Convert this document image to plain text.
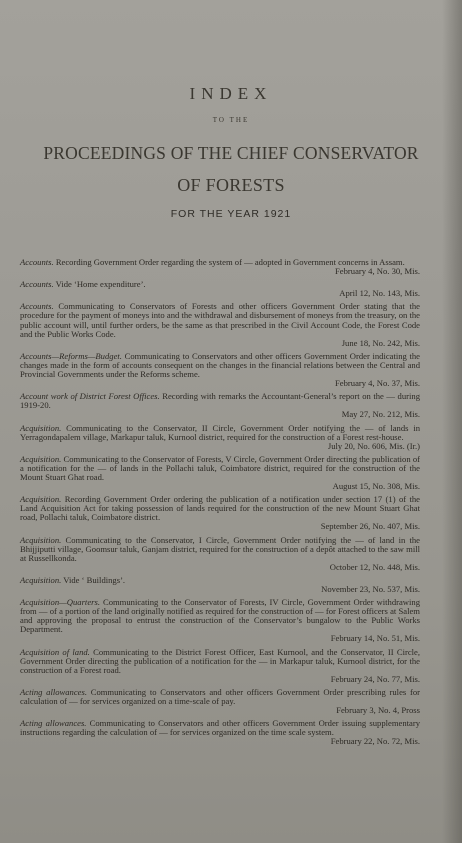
INDEX
TO THE
PROCEEDINGS OF THE CHIEF CONSERVATOR
OF FORESTS
FOR THE YEAR 1921
Accounts. Recording Government Order regarding the system of — adopted in Government concerns in Assam.
February 4, No. 30, Mis.
Accounts. Vide ‘Home expenditure’.
April 12, No. 143, Mis.
Accounts. Communicating to Conservators of Forests and other officers Government Order stating that the procedure for the payment of moneys into and the withdrawal and disbursement of moneys from the treasury, on the public account will, until further orders, be the same as that prescribed in the Civil Account Code, the Forest Code and the Public Works Code.
June 18, No. 242, Mis.
Accounts—Reforms—Budget. Communicating to Conservators and other officers Government Order indicating the changes made in the form of accounts consequent on the changes in the financial relations between the Central and Provincial Governments under the Reforms scheme.
February 4, No. 37, Mis.
Account work of District Forest Offices. Recording with remarks the Accountant-General’s report on the — during 1919-20.
May 27, No. 212, Mis.
Acquisition. Communicating to the Conservator, II Circle, Government Order notifying the — of lands in Yerragondapalem village, Markapur taluk, Kurnool district, required for the construction of a Forest rest-house.
July 20, No. 606, Mis. (Ir.)
Acquisition. Communicating to the Conservator of Forests, V Circle, Government Order directing the publication of a notification for the — of lands in the Pollachi taluk, Coimbatore district, required for the construction of the Mount Stuart Ghat road.
August 15, No. 308, Mis.
Acquisition. Recording Government Order ordering the publication of a notification under section 17 (1) of the Land Acquisition Act for taking possession of lands required for the construction of the new Mount Stuart Ghat road, Pollachi taluk, Coimbatore district.
September 26, No. 407, Mis.
Acquisition. Communicating to the Conservator, I Circle, Government Order notifying the — of land in the Bhijjiputti village, Goomsur taluk, Ganjam district, required for the construction of a depôt attached to the saw mill at Russellkonda.
October 12, No. 448, Mis.
Acquisition. Vide ‘ Buildings’.
November 23, No. 537, Mis.
Acquisition—Quarters. Communicating to the Conservator of Forests, IV Circle, Government Order withdrawing from — of a portion of the land originally notified as required for the construction of — for Forest officers at Salem and approving the proposal to entrust the construction of the Conservator’s bungalow to the Public Works Department.
February 14, No. 51, Mis.
Acquisition of land. Communicating to the District Forest Officer, East Kurnool, and the Conservator, II Circle, Government Order directing the publication of a notification for the — in Markapur taluk, Kurnool district, for the construction of a Forest road.
February 24, No. 77, Mis.
Acting allowances. Communicating to Conservators and other officers Government Order prescribing rules for calculation of — for services organized on a time-scale of pay.
February 3, No. 4, Pross
Acting allowances. Communicating to Conservators and other officers Government Order issuing supplementary instructions regarding the calculation of — for services organized on the time scale system.
February 22, No. 72, Mis.
